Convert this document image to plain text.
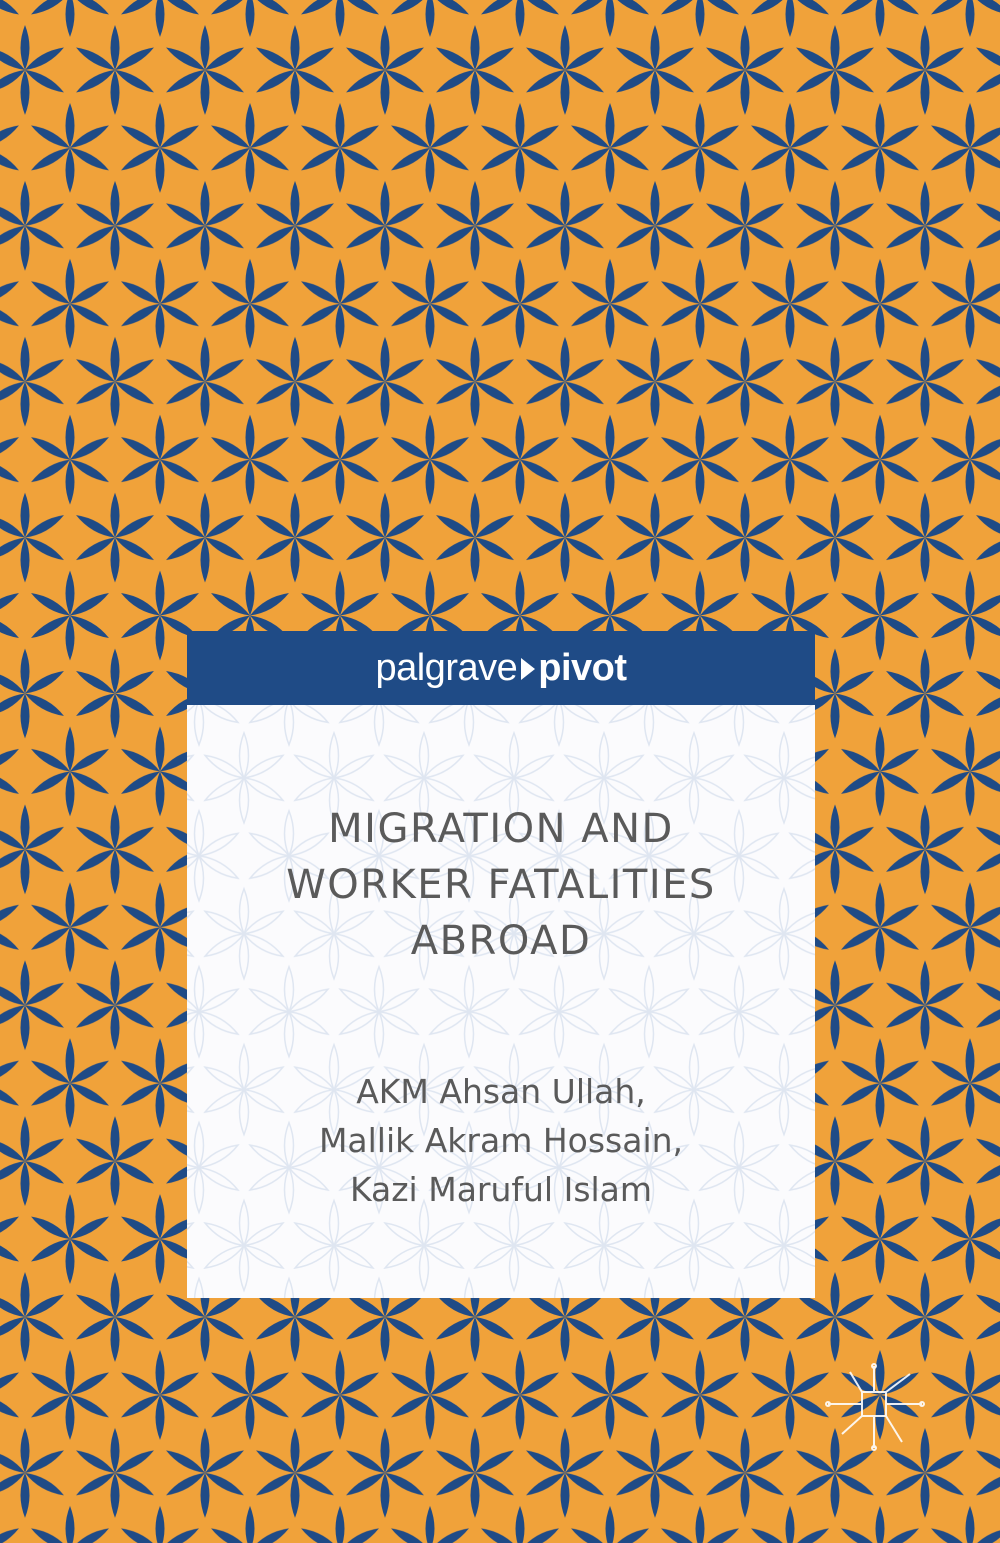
palgrave pivot
MIGRATION AND
WORKER FATALITIES
ABROAD
AKM Ahsan Ullah,
Mallik Akram Hossain,
Kazi Maruful Islam
